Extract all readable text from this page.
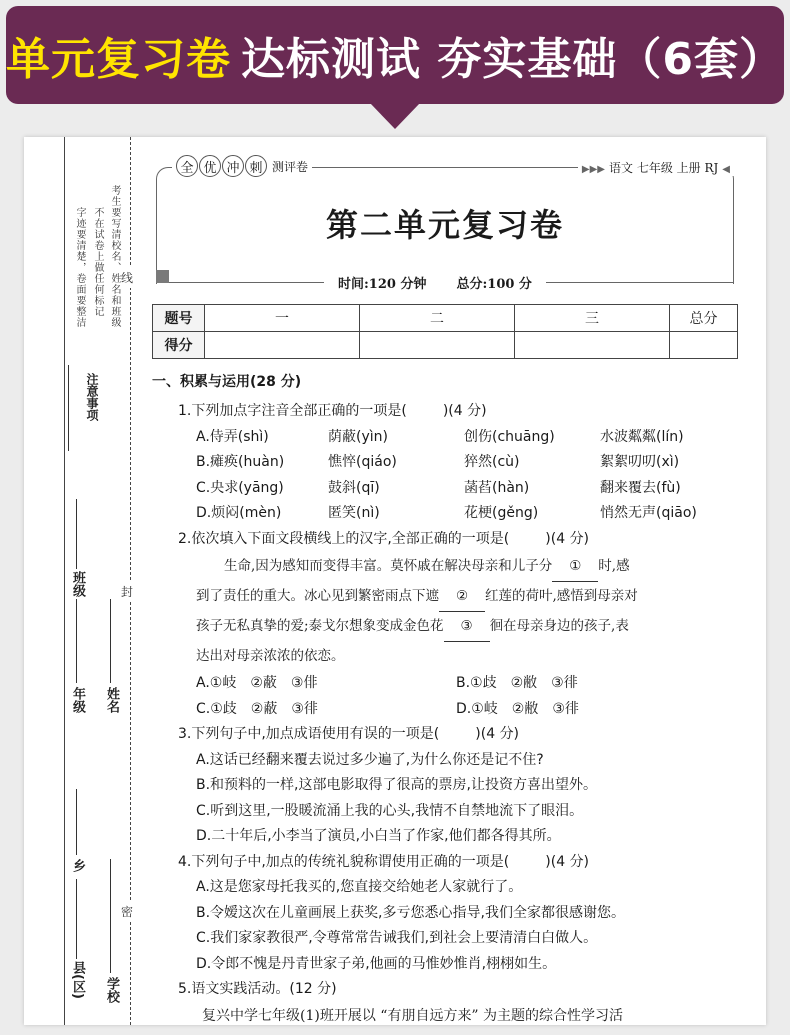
单元复习卷 达标测试 夯实基础（6套）
考生要写清校名、姓名和班级
不在试卷上做任何标记
字迹要清楚，卷面要整洁
注意事项
线
封
密
班级
年级 姓名
县(区)
乡
学校
全 优 冲 刺 测评卷	▶▶▶ 语文 七年级 上册 RJ ◀
第二单元复习卷
时间:120 分钟 总分:100 分
题号	一	二	三	总分
得分				
一、积累与运用(28 分)
1.下列加点字注音全部正确的一项是(	)(4 分)
A.侍弄(shì)	荫蔽(yìn)	创伤(chuāng)	水波粼粼(lín)
B.瘫痪(huàn)	憔悴(qiáo)	猝然(cù)	絮絮叨叨(xì)
C.央求(yāng)	鼓斜(qī)	菡萏(hàn)	翻来覆去(fù)
D.烦闷(mèn)	匿笑(nì)	花梗(gěng)	悄然无声(qiāo)
2.依次填入下面文段横线上的汉字,全部正确的一项是(	)(4 分)
生命,因为感知而变得丰富。莫怀戚在解决母亲和儿子分 ① 时,感
到了责任的重大。冰心见到繁密雨点下遮 ② 红莲的荷叶,感悟到母亲对
孩子无私真挚的爱;泰戈尔想象变成金色花 ③ 徊在母亲身边的孩子,表
达出对母亲浓浓的依恋。
A.①岐 ②蔽 ③俳	B.①歧 ②敝 ③徘
C.①歧 ②蔽 ③徘	D.①岐 ②敝 ③徘
3.下列句子中,加点成语使用有误的一项是(	)(4 分)
A.这话已经翻来覆去说过多少遍了,为什么你还是记不住?
B.和预料的一样,这部电影取得了很高的票房,让投资方喜出望外。
C.听到这里,一股暖流涌上我的心头,我情不自禁地流下了眼泪。
D.二十年后,小李当了演员,小白当了作家,他们都各得其所。
4.下列句子中,加点的传统礼貌称谓使用正确的一项是(	)(4 分)
A.这是您家母托我买的,您直接交给她老人家就行了。
B.令嫒这次在儿童画展上获奖,多亏您悉心指导,我们全家都很感谢您。
C.我们家家教很严,令尊常常告诫我们,到社会上要清清白白做人。
D.令郎不愧是丹青世家子弟,他画的马惟妙惟肖,栩栩如生。
5.语文实践活动。(12 分)
复兴中学七年级(1)班开展以 “有朋自远方来” 为主题的综合性学习活
